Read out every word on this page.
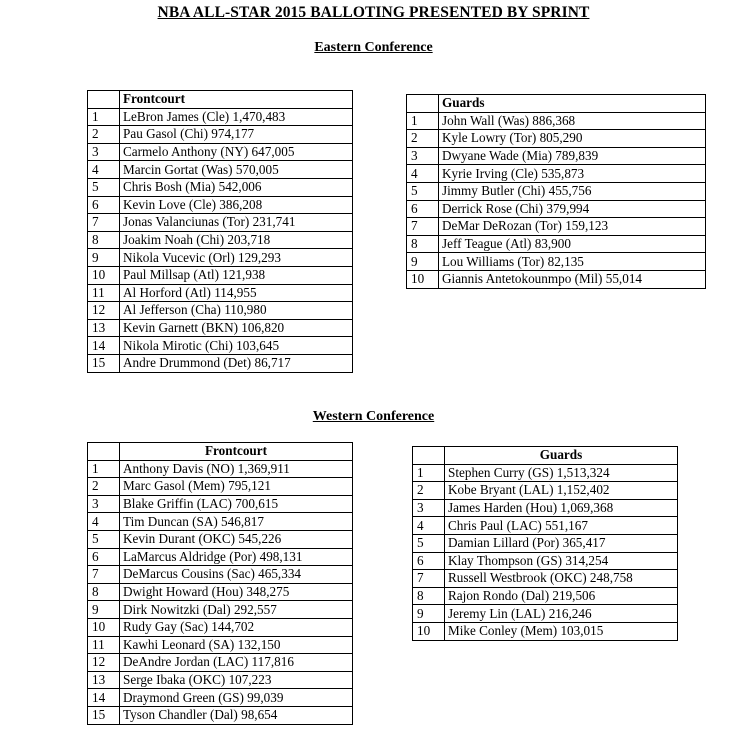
NBA ALL-STAR 2015 BALLOTING PRESENTED BY SPRINT
Eastern Conference
	Frontcourt
1	LeBron James (Cle) 1,470,483
2	Pau Gasol (Chi) 974,177
3	Carmelo Anthony (NY) 647,005
4	Marcin Gortat (Was) 570,005
5	Chris Bosh (Mia) 542,006
6	Kevin Love (Cle) 386,208
7	Jonas Valanciunas (Tor) 231,741
8	Joakim Noah (Chi) 203,718
9	Nikola Vucevic (Orl) 129,293
10	Paul Millsap (Atl) 121,938
11	Al Horford (Atl) 114,955
12	Al Jefferson (Cha) 110,980
13	Kevin Garnett (BKN) 106,820
14	Nikola Mirotic (Chi) 103,645
15	Andre Drummond (Det) 86,717
	Guards
1	John Wall (Was) 886,368
2	Kyle Lowry (Tor) 805,290
3	Dwyane Wade (Mia) 789,839
4	Kyrie Irving (Cle) 535,873
5	Jimmy Butler (Chi) 455,756
6	Derrick Rose (Chi) 379,994
7	DeMar DeRozan (Tor) 159,123
8	Jeff Teague (Atl) 83,900
9	Lou Williams (Tor) 82,135
10	Giannis Antetokounmpo (Mil) 55,014
Western Conference
	Frontcourt
1	Anthony Davis (NO) 1,369,911
2	Marc Gasol (Mem) 795,121
3	Blake Griffin (LAC) 700,615
4	Tim Duncan (SA) 546,817
5	Kevin Durant (OKC) 545,226
6	LaMarcus Aldridge (Por) 498,131
7	DeMarcus Cousins (Sac) 465,334
8	Dwight Howard (Hou) 348,275
9	Dirk Nowitzki (Dal) 292,557
10	Rudy Gay (Sac) 144,702
11	Kawhi Leonard (SA) 132,150
12	DeAndre Jordan (LAC) 117,816
13	Serge Ibaka (OKC) 107,223
14	Draymond Green (GS) 99,039
15	Tyson Chandler (Dal) 98,654
	Guards
1	Stephen Curry (GS) 1,513,324
2	Kobe Bryant (LAL) 1,152,402
3	James Harden (Hou) 1,069,368
4	Chris Paul (LAC) 551,167
5	Damian Lillard (Por) 365,417
6	Klay Thompson (GS) 314,254
7	Russell Westbrook (OKC) 248,758
8	Rajon Rondo (Dal) 219,506
9	Jeremy Lin (LAL) 216,246
10	Mike Conley (Mem) 103,015
